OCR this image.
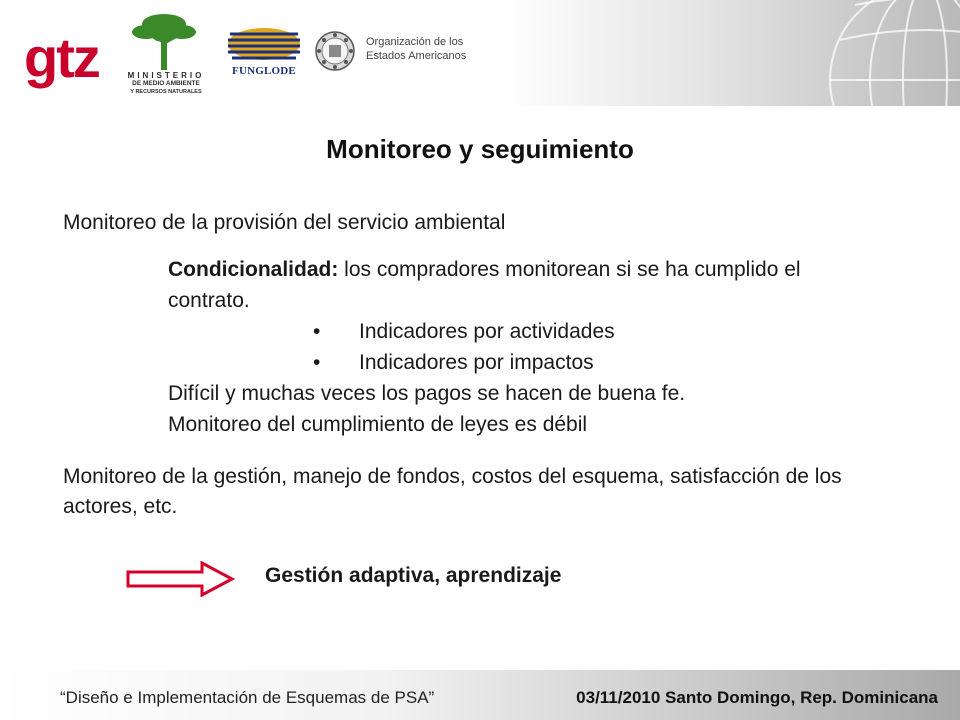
gtz	MINISTERIO
DE MEDIO AMBIENTE
Y RECURSOS NATURALES
FUNGLODE
Organización de los
Estados Americanos
Monitoreo y seguimiento
Monitoreo de la provisión del servicio ambiental

Condicionalidad: los compradores monitorean si se ha cumplido el contrato.

•	Indicadores por actividades
•	Indicadores por impactos

Difícil y muchas veces los pagos se hacen de buena fe.

Monitoreo del cumplimiento de leyes es débil

Monitoreo de la gestión, manejo de fondos, costos del esquema, satisfacción de los actores, etc.
Gestión adaptiva, aprendizaje
“Diseño e Implementación de Esquemas de PSA”	03/11/2010 Santo Domingo, Rep. Dominicana
